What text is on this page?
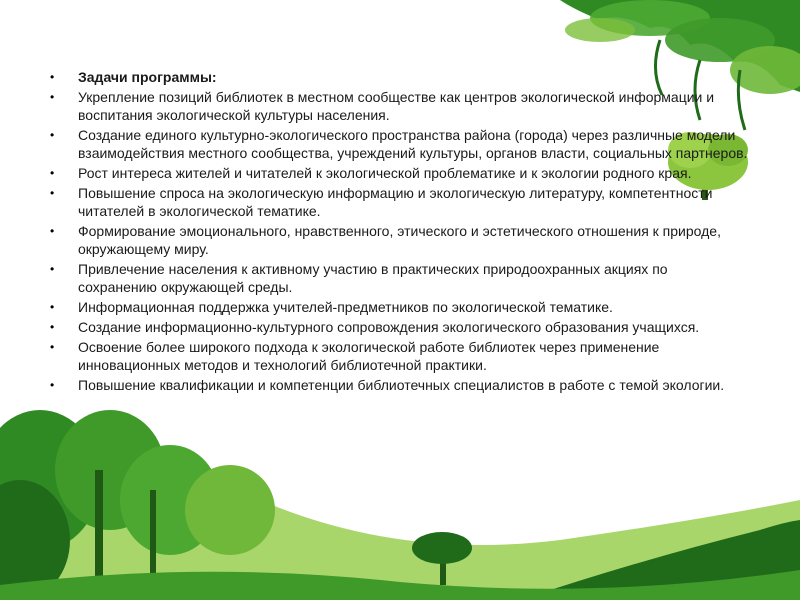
•	Задачи программы:
•	Укрепление позиций библиотек в местном сообществе как центров экологической информации и воспитания экологической культуры населения.
•	Создание единого культурно-экологического пространства района (города) через различные модели взаимодействия местного сообщества, учреждений культуры, органов власти, социальных партнеров.
•	Рост интереса жителей и читателей к экологической проблематике и к экологии родного края.
•	Повышение спроса на экологическую информацию и экологическую литературу, компетентности читателей в экологической тематике.
•	Формирование эмоционального, нравственного, этического и эстетического отношения к природе, окружающему миру.
•	Привлечение населения к активному участию в практических природоохранных акциях по сохранению окружающей среды.
•	Информационная поддержка учителей-предметников по экологической тематике.
•	Создание информационно-культурного сопровождения экологического образования учащихся.
•	Освоение более широкого подхода к экологической работе библиотек через применение инновационных методов и технологий библиотечной практики.
•	Повышение квалификации и компетенции библиотечных специалистов в работе с темой экологии.
